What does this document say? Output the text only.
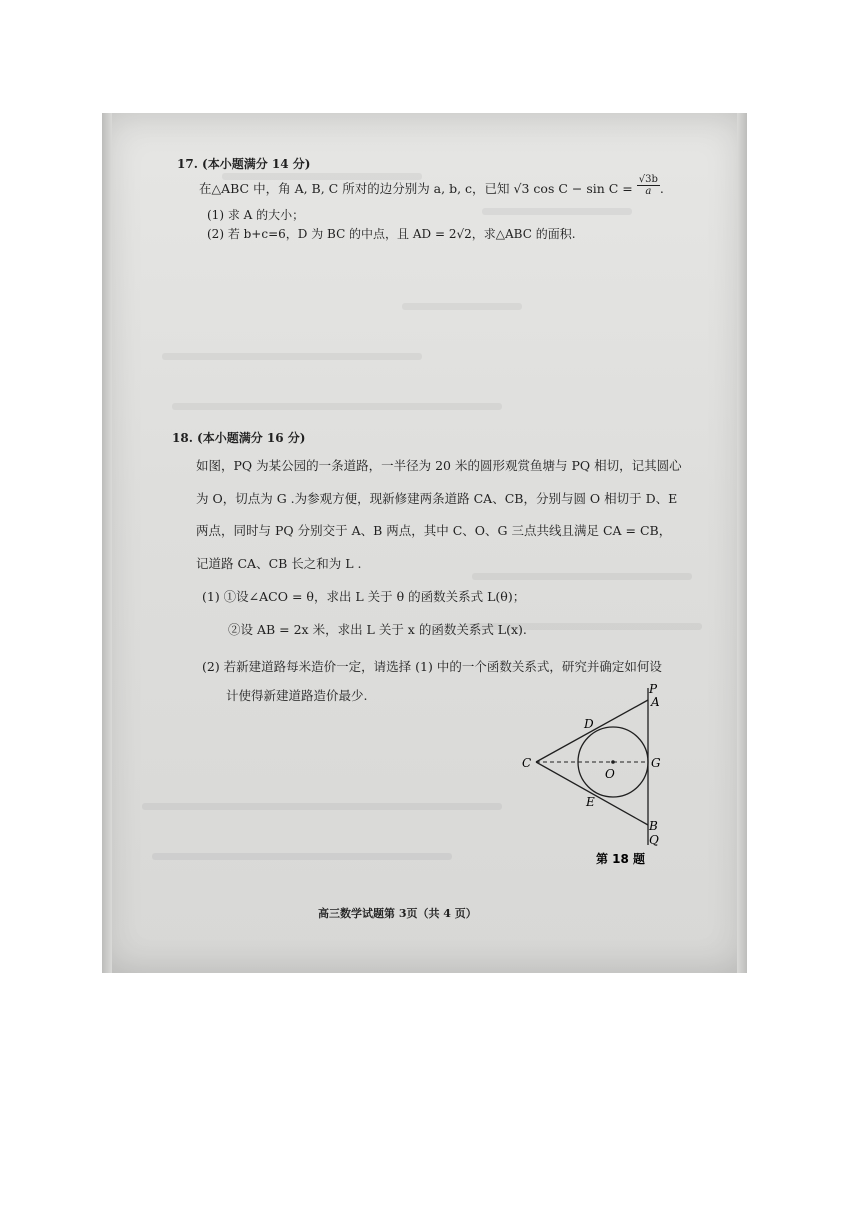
17. (本小题满分 14 分)
在△ABC 中，角 A, B, C 所对的边分别为 a, b, c，已知 √3 $\cos C - \sin C = \frac{√3b}{a}$ .
(1) 求 A 的大小；
(2) 若 b+c=6，D 为 BC 的中点，且 AD = 2√2，求△ABC 的面积.
18. (本小题满分 16 分)
如图，PQ 为某公园的一条道路，一半径为 20 米的圆形观赏鱼塘与 PQ 相切，记其圆心
为 O，切点为 G .为参观方便，现新修建两条道路 CA、CB，分别与圆 O 相切于 D、E
两点，同时与 PQ 分别交于 A、B 两点，其中 C、O、G 三点共线且满足 CA = CB，
记道路 CA、CB 长之和为 L .
(1) ①设∠ACO = θ，求出 L 关于 θ 的函数关系式 L(θ)；
②设 AB = 2x 米，求出 L 关于 x 的函数关系式 L(x).
(2) 若新建道路每米造价一定，请选择 (1) 中的一个函数关系式，研究并确定如何设
计使得新建道路造价最少.
高三数学试题第 3页（共 4 页）
P
A
D
C
O
G
E
B
Q
第 18 题
